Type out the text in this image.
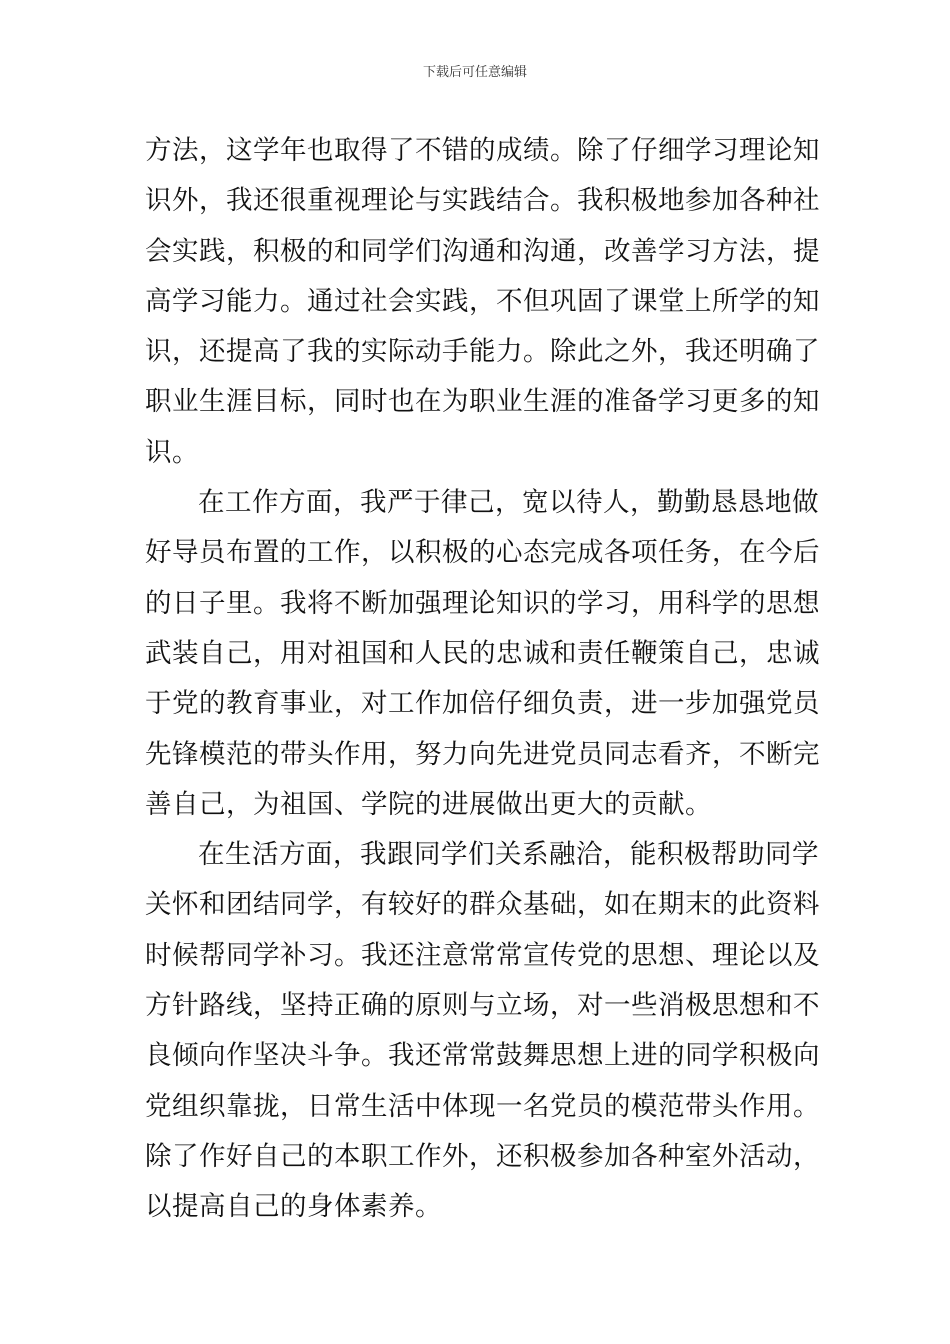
下载后可任意编辑
方法，这学年也取得了不错的成绩。除了仔细学习理论知
识外，我还很重视理论与实践结合。我积极地参加各种社
会实践，积极的和同学们沟通和沟通，改善学习方法，提
高学习能力。通过社会实践，不但巩固了课堂上所学的知
识，还提高了我的实际动手能力。除此之外，我还明确了
职业生涯目标，同时也在为职业生涯的准备学习更多的知
识。
在工作方面，我严于律己，宽以待人，勤勤恳恳地做
好导员布置的工作，以积极的心态完成各项任务，在今后
的日子里。我将不断加强理论知识的学习，用科学的思想
武装自己，用对祖国和人民的忠诚和责任鞭策自己，忠诚
于党的教育事业，对工作加倍仔细负责，进一步加强党员
先锋模范的带头作用，努力向先进党员同志看齐，不断完
善自己，为祖国、学院的进展做出更大的贡献。
在生活方面，我跟同学们关系融洽，能积极帮助同学
关怀和团结同学，有较好的群众基础，如在期末的此资料
时候帮同学补习。我还注意常常宣传党的思想、理论以及
方针路线，坚持正确的原则与立场，对一些消极思想和不
良倾向作坚决斗争。我还常常鼓舞思想上进的同学积极向
党组织靠拢，日常生活中体现一名党员的模范带头作用。
除了作好自己的本职工作外，还积极参加各种室外活动，
以提高自己的身体素养。
